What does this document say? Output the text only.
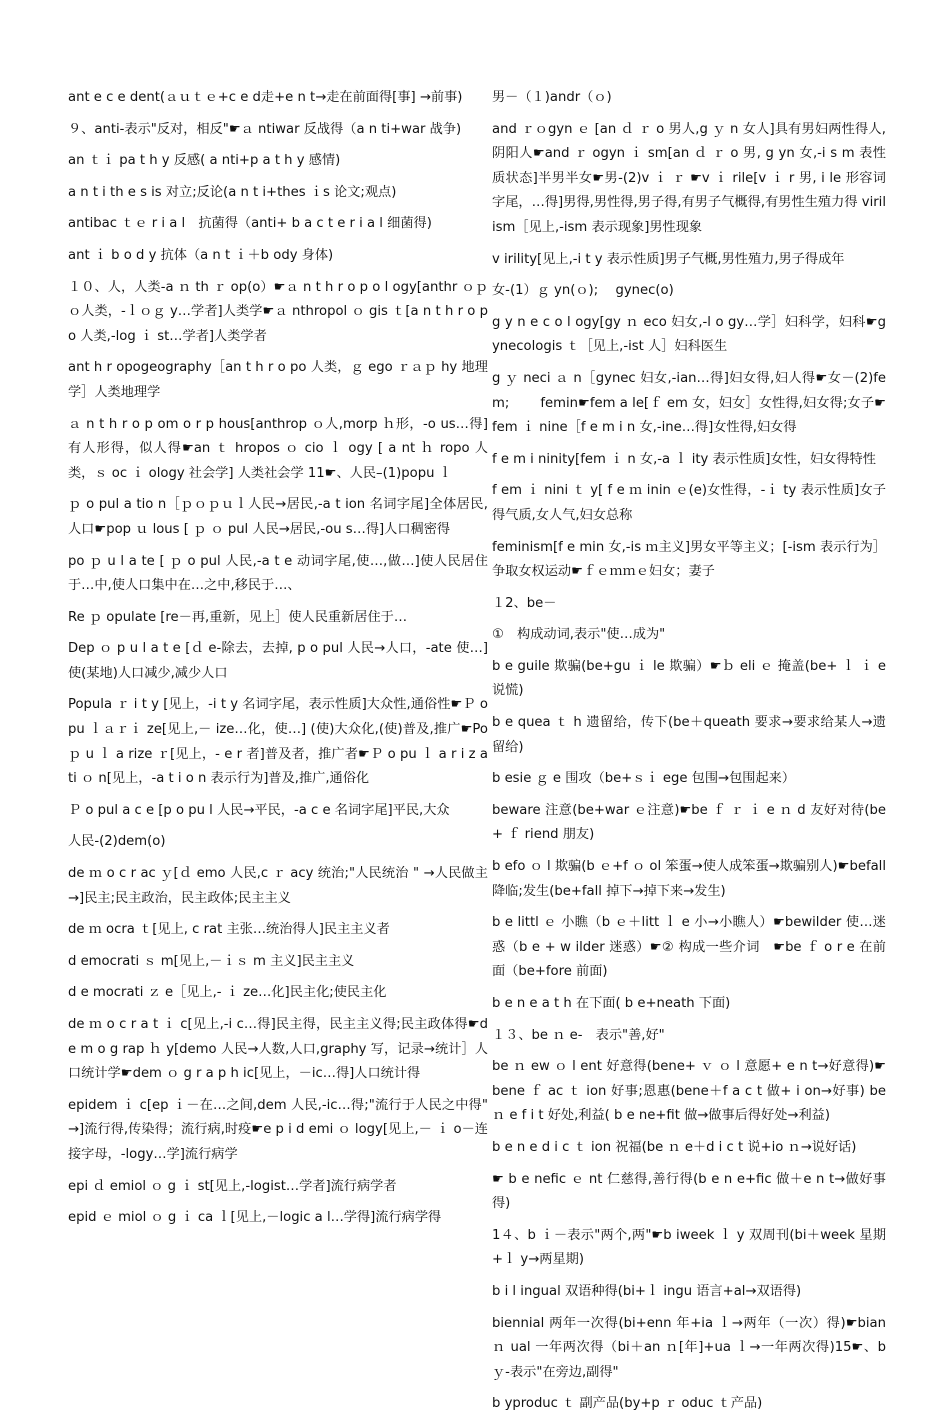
ant e c e dent(ａｕｔｅ+c e d走+e n t→走在前面得[事] →前事)

９、anti-表示"反对，相反"☛ａ ntiwar 反战得（a n ti+war 战争)

an ｔｉ pa t h y 反感( a nti+p a t h y 感情)

a n t i th e s is 对立;反论(a n t i+thes ｉs 论文;观点)

antibac ｔｅ r i a l　抗菌得（anti+ b a c t e r i a l 细菌得)

ant ｉ b o d y 抗体（a n t ｉ＋b ody 身体)

１０、人，人类-a ｎ th ｒ op(o）☛ａ n t h r o p o l ogy[anthr ｏｐｏ人类，-ｌｏｇ y…学者]人类学☛ａ nthropol ｏ gis ｔ[a n t h r o p o 人类,-log ｉ st…学者]人类学者

ant h r opogeography［an t h r o po 人类，ｇ ego ｒａｐ hy 地理学］人类地理学

ａ n t h r o p om o r p hous[anthrop ｏ人,morp ｈ形，-o us…得]有人形得，似人得☛an ｔ hropos ｏ cio ｌ ogy [ a nt ｈ ropo 人类，ｓ oc ｉ ology 社会学] 人类社会学 11☛、人民–(1)popu ｌ

ｐ o pul a tio n［ｐｏｐｕｌ人民→居民,-a t ion 名词字尾]全体居民,人口☛pop ｕ lous [ ｐ ｏ pul 人民→居民,-ou s…得]人口稠密得

po ｐ u l a te [ ｐ o pul 人民,-a t e 动词字尾,使…,做…]使人民居住于…中,使人口集中在…之中,移民于…、

Re ｐ opulate [re－再,重新，见上］使人民重新居住于…

Dep ｏ p u l a t e [ｄ e-除去，去掉, p o pul 人民→人口，-ate 使…]使(某地)人口减少,减少人口

Popula ｒ i t y [见上，-i t y 名词字尾，表示性质]大众性,通俗性☛Ｐ opu ｌａｒｉ ze[见上,－ ize…化，使…] (使)大众化,(使)普及,推广☛Po ｐ u ｌ a rize ｒ[见上，- e r 者]普及者，推广者☛Ｐ o pu ｌ a r i z ati ｏ n[见上，-a t i o n 表示行为]普及,推广,通俗化

Ｐ o pul a c e [p o pu l 人民→平民，-a c e 名词字尾]平民,大众

人民-(2)dem(o)

de ｍ o c r ac ｙ[ｄ emo 人民,c ｒ acy 统治;"人民统治 " →人民做主→]民主;民主政治，民主政体;民主主义

de ｍ ocra ｔ[见上, c rat 主张…统治得人]民主主义者

d emocrati ｓ m[见上,－ｉｓ m 主义]民主主义

d e mocrati ｚ e［见上,- ｉ ze…化]民主化;使民主化

de ｍ o c r a t ｉ c[见上,-i c…得]民主得，民主主义得;民主政体得☛d e m o g rap ｈ y[demo 人民→人数,人口,graphy 写，记录→统计］人口统计学☛dem ｏ g r a p h ic[见上，－ic…得]人口统计得

epidem ｉ c[ep ｉ－在…之间,dem 人民,-ic…得;"流行于人民之中得" →]流行得,传染得；流行病,时疫☛e p i d emi ｏ logy[见上,－ ｉ o－连接字母，-logy…学]流行病学

epi ｄ emiol ｏ g ｉ st[见上,-logist…学者]流行病学者

epid ｅ miol ｏ g ｉ ca ｌ[见上,－logic a l…学得]流行病学得

男－（１)andr（ｏ)

and ｒｏgyn ｅ [an ｄ ｒ o 男人,g ｙ n 女人]具有男妇两性得人,阴阳人☛and ｒ ogyn ｉ sm[an ｄ ｒ o 男, g yn 女,-i s m 表性质状态]半男半女☛男-(2)v ｉ ｒ ☛v ｉ rile[v ｉ r 男, i le 形容词字尾，…得]男得,男性得,男子得,有男子气概得,有男性生殖力得 virilism［见上,-ism 表示现象]男性现象

v irility[见上,-i t y 表示性质]男子气概,男性殖力,男子得成年

女-(1）ｇ yn(ｏ);　 gynec(o)

g y n e c o l ogy[gy ｎ eco 妇女,-l o gy…学］妇科学，妇科☛gynecologis ｔ［见上,-ist 人］妇科医生

g ｙ neci ａ n［gynec 妇女,-ian…得]妇女得,妇人得☛女－(2)fem;　　 femin☛fem a le[ｆ em 女，妇女］女性得,妇女得;女子☛fem ｉ nine［f e m i n 女,-ine…得]女性得,妇女得

f e m i ninity[fem ｉ n 女,-a ｌ ity 表示性质]女性，妇女得特性

f em ｉ nini ｔ y[ f e ｍ inin ｅ(e)女性得，-ｉ ty 表示性质]女子得气质,女人气,妇女总称

feminism[f e min 女,-is ｍ主义]男女平等主义；[-ism 表示行为］争取女权运动☛ｆｅｍｍｅ妇女；妻子

１2、be－

①　构成动词,表示"使…成为"

b e guile 欺骗(be+gu ｉ le 欺骗）☛ｂ eli ｅ 掩盖(be+ ｌ ｉ e 说慌)

b e quea ｔ h 遗留给，传下(be＋queath 要求→要求给某人→遗留给)

b esie ｇ e 围攻（be+ｓｉ ege 包围→包围起来）

beware 注意(be+war ｅ注意)☛be ｆ ｒ ｉ e ｎ d 友好对待(be+ ｆ riend 朋友)

b efo ｏ l 欺骗(b ｅ+f ｏ ol 笨蛋→使人成笨蛋→欺骗别人)☛befall 降临;发生(be+fall 掉下→掉下来→发生)

b e littl ｅ 小瞧（b ｅ＋litt ｌ e 小→小瞧人）☛bewilder 使…迷惑（b e + w ilder 迷惑）☛② 构成一些介词　☛be ｆ o r e 在前面（be+fore 前面)

b e n e a t h 在下面( b e+neath 下面)

１３、be ｎ e-　表示"善,好"

be ｎ ew ｏ l ent 好意得(bene+ ｖ ｏ l 意愿+ e n t→好意得)☛bene ｆ ac ｔ ion 好事;恩惠(bene＋f a c t 做+ i on→好事) be ｎ e f i t 好处,利益( b e ne+fit 做→做事后得好处→利益)

b e n e d i c ｔ ion 祝福(be ｎ e＋d i c t 说+io ｎ→说好话)

☛ b e nefic ｅ nt 仁慈得,善行得(b e n e+fic 做＋e n t→做好事得)

1４、b ｉ－表示"两个,两"☛b iweek ｌ y 双周刊(bi＋week 星期+ｌ y→两星期)

b i l ingual 双语种得(bi+ｌ ingu 语言+al→双语得)

biennial 两年一次得(bi+enn 年+ia ｌ→两年（一次）得)☛bian ｎ ual 一年两次得（bi＋an ｎ[年]+ua ｌ→一年两次得)15☛、b ｙ-表示"在旁边,副得"

b yproduc ｔ 副产品(by+p ｒ oduc ｔ产品)
